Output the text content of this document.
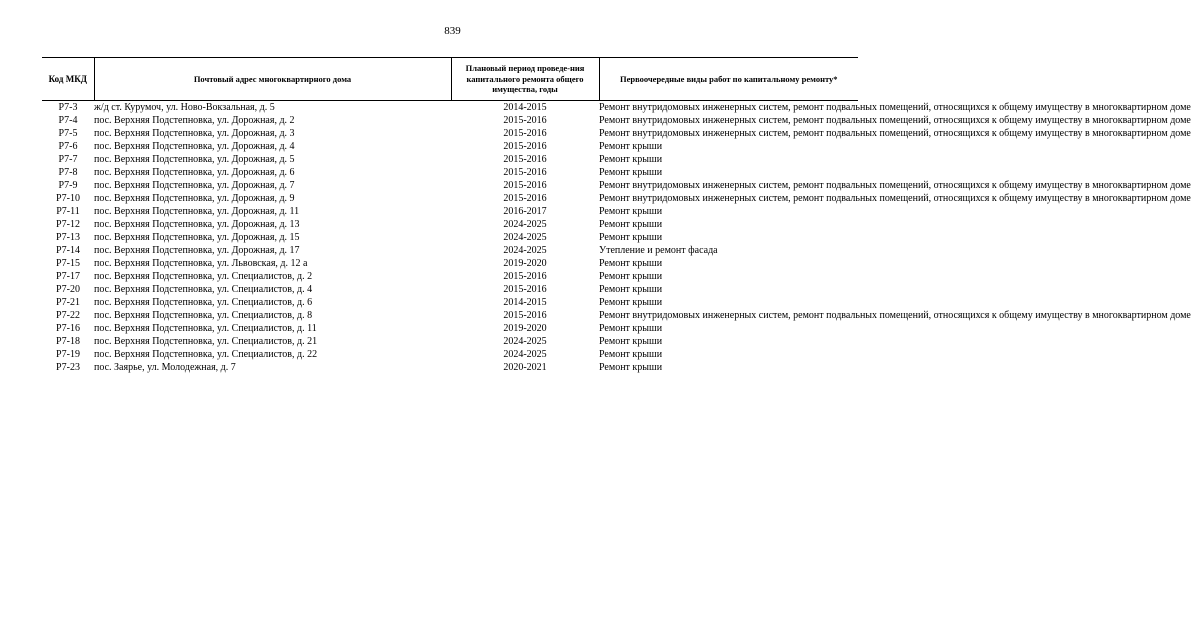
839
Код МКД	Почтовый адрес многоквартирного дома	Плановый период проведе-ния капитального ремонта общего имущества, годы	Первоочередные виды работ по капитальному ремонту*
Р7-3	ж/д ст. Курумоч, ул. Ново-Вокзальная, д. 5	2014-2015	Ремонт внутридомовых инженерных систем, ремонт подвальных помещений, относящихся к общему имуществу в многоквартирном доме
Р7-4	пос. Верхняя Подстепновка, ул. Дорожная, д. 2	2015-2016	Ремонт внутридомовых инженерных систем, ремонт подвальных помещений, относящихся к общему имуществу в многоквартирном доме
Р7-5	пос. Верхняя Подстепновка, ул. Дорожная, д. 3	2015-2016	Ремонт внутридомовых инженерных систем, ремонт подвальных помещений, относящихся к общему имуществу в многоквартирном доме
Р7-6	пос. Верхняя Подстепновка, ул. Дорожная, д. 4	2015-2016	Ремонт крыши
Р7-7	пос. Верхняя Подстепновка, ул. Дорожная, д. 5	2015-2016	Ремонт крыши
Р7-8	пос. Верхняя Подстепновка, ул. Дорожная, д. 6	2015-2016	Ремонт крыши
Р7-9	пос. Верхняя Подстепновка, ул. Дорожная, д. 7	2015-2016	Ремонт внутридомовых инженерных систем, ремонт подвальных помещений, относящихся к общему имуществу в многоквартирном доме
Р7-10	пос. Верхняя Подстепновка, ул. Дорожная, д. 9	2015-2016	Ремонт внутридомовых инженерных систем, ремонт подвальных помещений, относящихся к общему имуществу в многоквартирном доме
Р7-11	пос. Верхняя Подстепновка, ул. Дорожная, д. 11	2016-2017	Ремонт крыши
Р7-12	пос. Верхняя Подстепновка, ул. Дорожная, д. 13	2024-2025	Ремонт крыши
Р7-13	пос. Верхняя Подстепновка, ул. Дорожная, д. 15	2024-2025	Ремонт крыши
Р7-14	пос. Верхняя Подстепновка, ул. Дорожная, д. 17	2024-2025	Утепление и ремонт фасада
Р7-15	пос. Верхняя Подстепновка, ул. Львовская, д. 12 а	2019-2020	Ремонт крыши
Р7-17	пос. Верхняя Подстепновка, ул. Специалистов, д. 2	2015-2016	Ремонт крыши
Р7-20	пос. Верхняя Подстепновка, ул. Специалистов, д. 4	2015-2016	Ремонт крыши
Р7-21	пос. Верхняя Подстепновка, ул. Специалистов, д. 6	2014-2015	Ремонт крыши
Р7-22	пос. Верхняя Подстепновка, ул. Специалистов, д. 8	2015-2016	Ремонт внутридомовых инженерных систем, ремонт подвальных помещений, относящихся к общему имуществу в многоквартирном доме
Р7-16	пос. Верхняя Подстепновка, ул. Специалистов, д. 11	2019-2020	Ремонт крыши
Р7-18	пос. Верхняя Подстепновка, ул. Специалистов, д. 21	2024-2025	Ремонт крыши
Р7-19	пос. Верхняя Подстепновка, ул. Специалистов, д. 22	2024-2025	Ремонт крыши
Р7-23	пос. Заярье, ул. Молодежная, д. 7	2020-2021	Ремонт крыши
